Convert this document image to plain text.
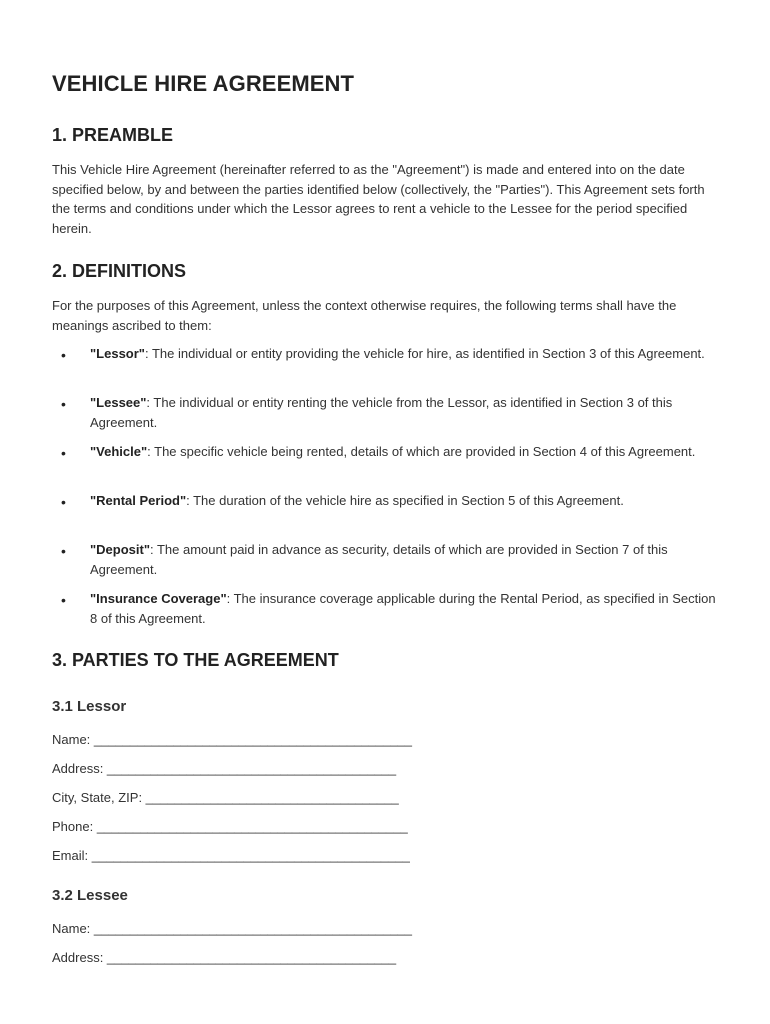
VEHICLE HIRE AGREEMENT
1. PREAMBLE

This Vehicle Hire Agreement (hereinafter referred to as the "Agreement") is made and entered into on the date specified below, by and between the parties identified below (collectively, the "Parties"). This Agreement sets forth the terms and conditions under which the Lessor agrees to rent a vehicle to the Lessee for the period specified herein.

2. DEFINITIONS

For the purposes of this Agreement, unless the context otherwise requires, the following terms shall have the meanings ascribed to them:

• "Lessor": The individual or entity providing the vehicle for hire, as identified in Section 3 of this Agreement.
• "Lessee": The individual or entity renting the vehicle from the Lessor, as identified in Section 3 of this Agreement.
• "Vehicle": The specific vehicle being rented, details of which are provided in Section 4 of this Agreement.
• "Rental Period": The duration of the vehicle hire as specified in Section 5 of this Agreement.
• "Deposit": The amount paid in advance as security, details of which are provided in Section 7 of this Agreement.
• "Insurance Coverage": The insurance coverage applicable during the Rental Period, as specified in Section 8 of this Agreement.
3. PARTIES TO THE AGREEMENT
3.1 Lessor

Name: ____________________________________________

Address: ________________________________________

City, State, ZIP: ___________________________________

Phone: ___________________________________________

Email: ____________________________________________

3.2 Lessee

Name: ____________________________________________

Address: ________________________________________
